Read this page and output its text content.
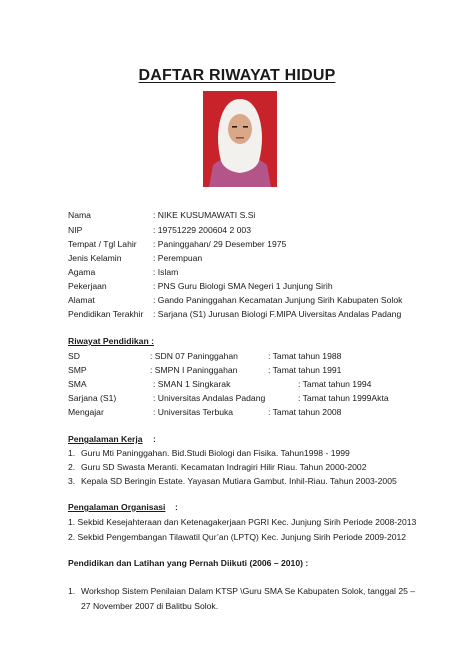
DAFTAR RIWAYAT HIDUP
Nama	: NIKE KUSUMAWATI S.Si
NIP	: 19751229 200604 2 003
Tempat / Tgl Lahir : Paninggahan/ 29 Desember 1975
Jenis Kelamin	: Perempuan
Agama	: Islam
Pekerjaan	: PNS Guru Biologi SMA Negeri 1 Junjung Sirih
Alamat	: Gando Paninggahan Kecamatan Junjung Sirih Kabupaten Solok
Pendidikan Terakhir : Sarjana (S1) Jurusan Biologi F.MIPA Uiversitas Andalas Padang
Riwayat Pendidikan :
SD	: SDN 07 Paninggahan	: Tamat tahun 1988
SMP	: SMPN I Paninggahan	: Tamat tahun 1991
SMA	: SMAN 1 Singkarak	: Tamat tahun 1994
Sarjana (S1)	: Universitas Andalas Padang	: Tamat tahun 1999Akta
Mengajar	: Universitas Terbuka	: Tamat tahun 2008
Pengalaman Kerja :
1. Guru Mti Paninggahan. Bid.Studi Biologi dan Fisika. Tahun1998 - 1999
2. Guru SD Swasta Meranti. Kecamatan Indragiri Hilir Riau. Tahun 2000-2002
3. Kepala SD Beringin Estate. Yayasan Mutiara Gambut. Inhil-Riau. Tahun 2003-2005
Pengalaman Organisasi :
1. Sekbid Kesejahteraan dan Ketenagakerjaan PGRI Kec. Junjung Sirih Periode 2008-2013
2. Sekbid Pengembangan Tilawatil Qur’an (LPTQ) Kec. Junjung Sirih Periode 2009-2012
Pendidikan dan Latihan yang Pernah Diikuti (2006 – 2010) :
1. Workshop Sistem Penilaian Dalam KTSP \Guru SMA Se Kabupaten Solok, tanggal 25 –
27 November 2007 di Balitbu Solok.
